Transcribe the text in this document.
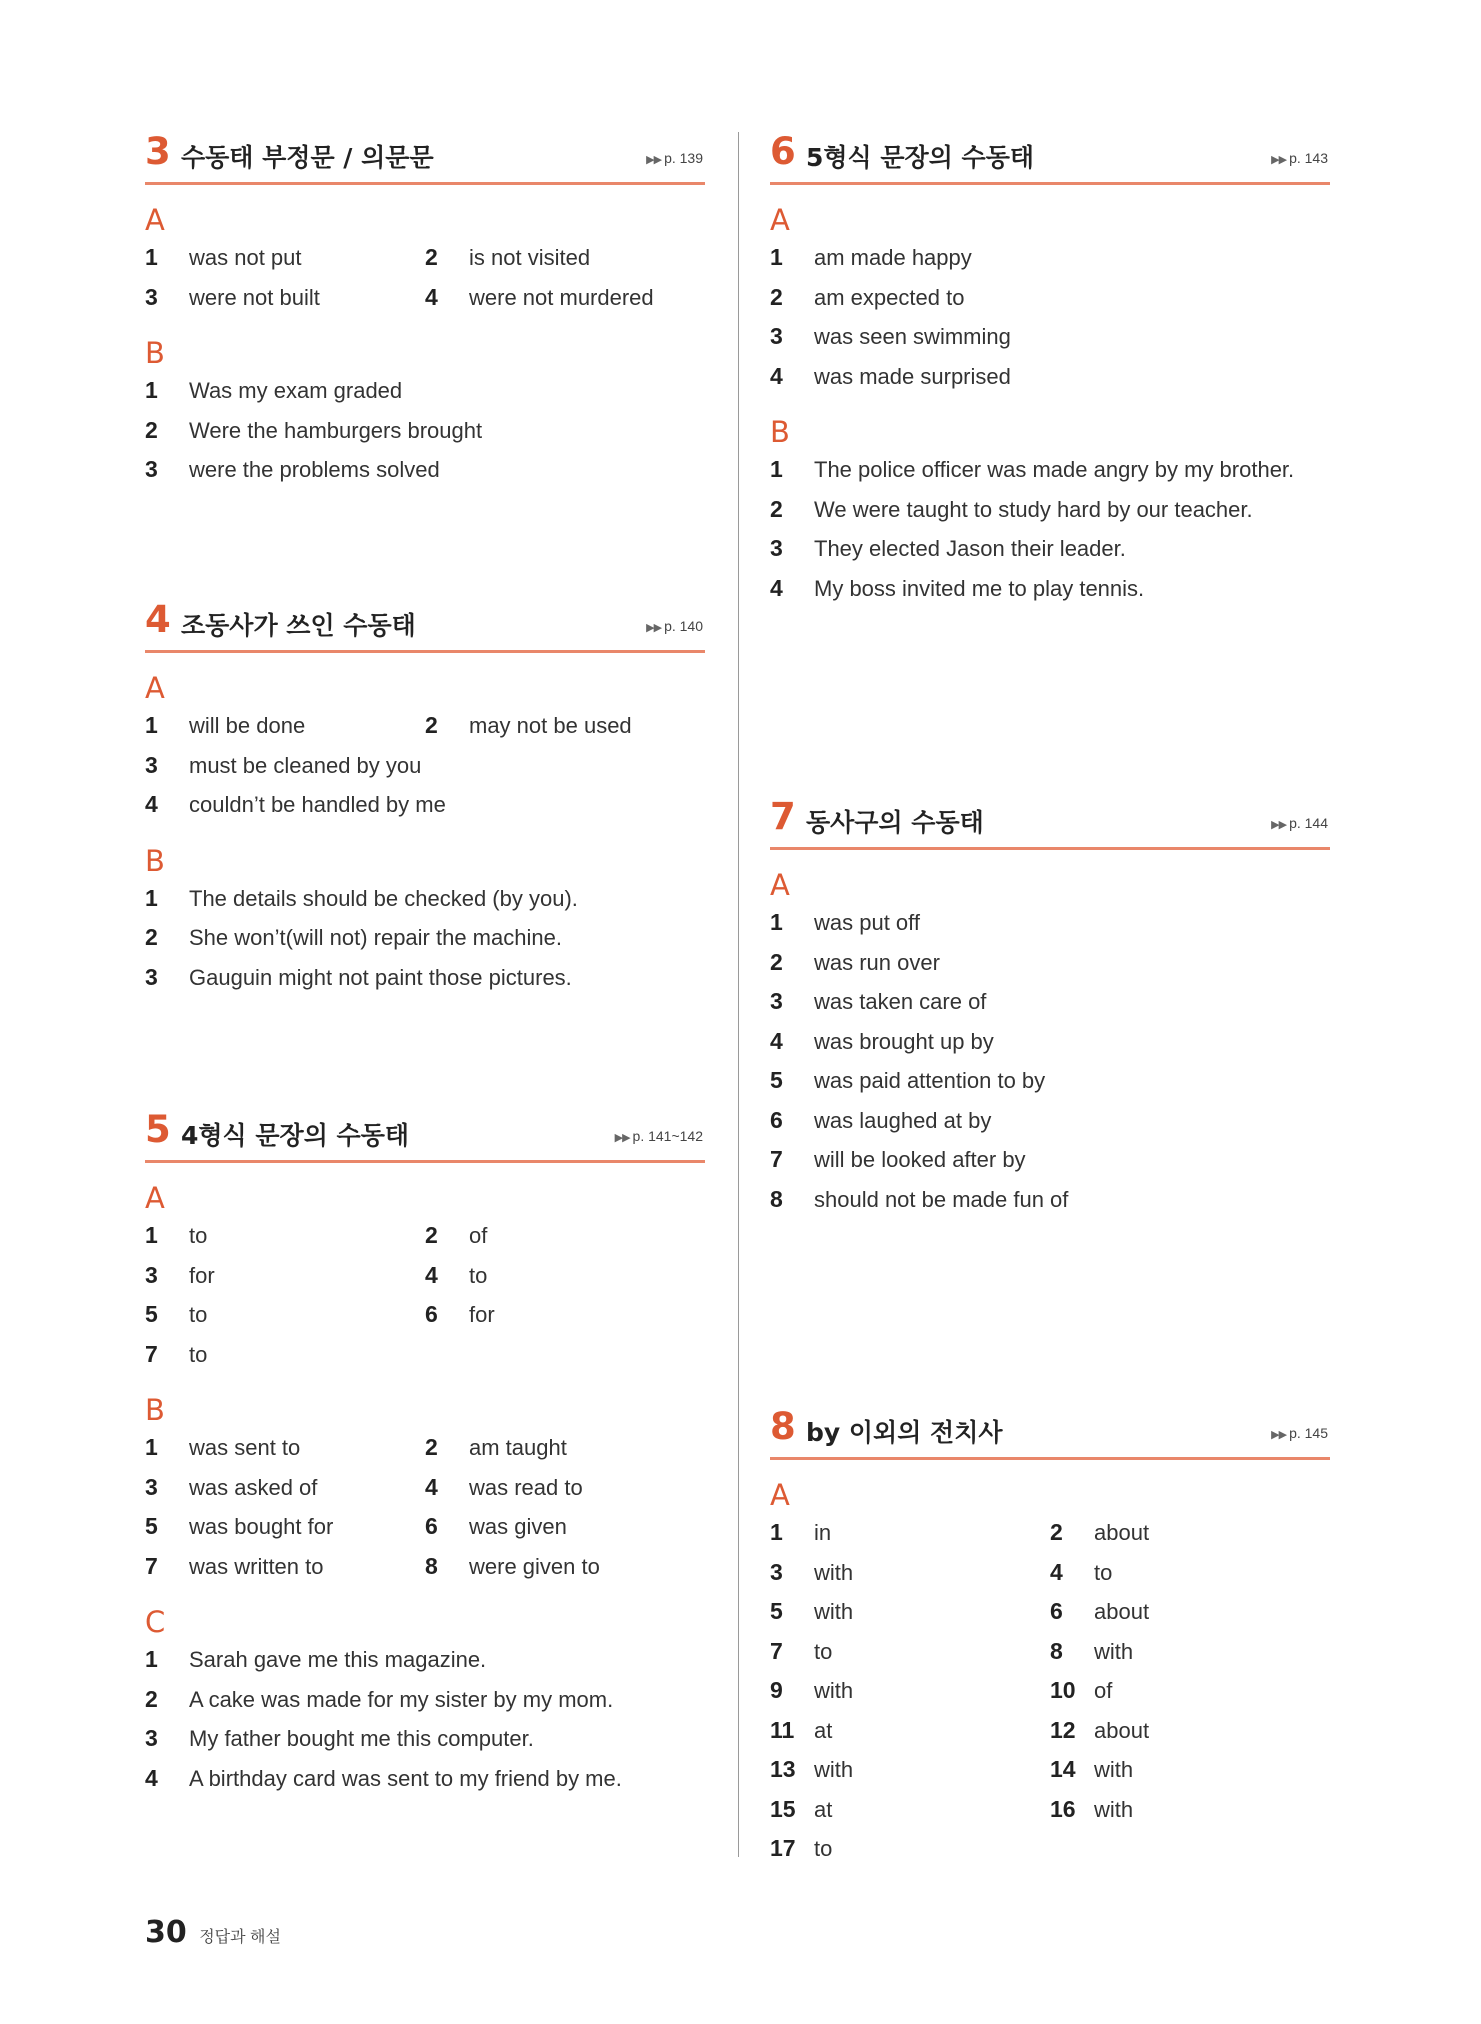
3 수동태 부정문 / 의문문	▶▶ p. 139
A
1 was not put	2 is not visited
3 were not built	4 were not murdered
B
1 Was my exam graded
2 Were the hamburgers brought
3 were the problems solved
4 조동사가 쓰인 수동태	▶▶ p. 140
A
1 will be done	2 may not be used
3 must be cleaned by you
4 couldn’t be handled by me
B
1 The details should be checked (by you).
2 She won’t(will not) repair the machine.
3 Gauguin might not paint those pictures.
5 4형식 문장의 수동태	▶▶ p. 141~142
A
1 to	2 of
3 for	4 to
5 to	6 for
7 to
B
1 was sent to	2 am taught
3 was asked of	4 was read to
5 was bought for	6 was given
7 was written to	8 were given to
C
1 Sarah gave me this magazine.
2 A cake was made for my sister by my mom.
3 My father bought me this computer.
4 A birthday card was sent to my friend by me.
6 5형식 문장의 수동태	▶▶ p. 143
A
1 am made happy
2 am expected to
3 was seen swimming
4 was made surprised
B
1 The police officer was made angry by my brother.
2 We were taught to study hard by our teacher.
3 They elected Jason their leader.
4 My boss invited me to play tennis.
7 동사구의 수동태	▶▶ p. 144
A
1 was put off
2 was run over
3 was taken care of
4 was brought up by
5 was paid attention to by
6 was laughed at by
7 will be looked after by
8 should not be made fun of
8 by 이외의 전치사	▶▶ p. 145
A
1 in	2 about
3 with	4 to
5 with	6 about
7 to	8 with
9 with	10 of
11 at	12 about
13 with	14 with
15 at	16 with
17 to
30 정답과 해설
